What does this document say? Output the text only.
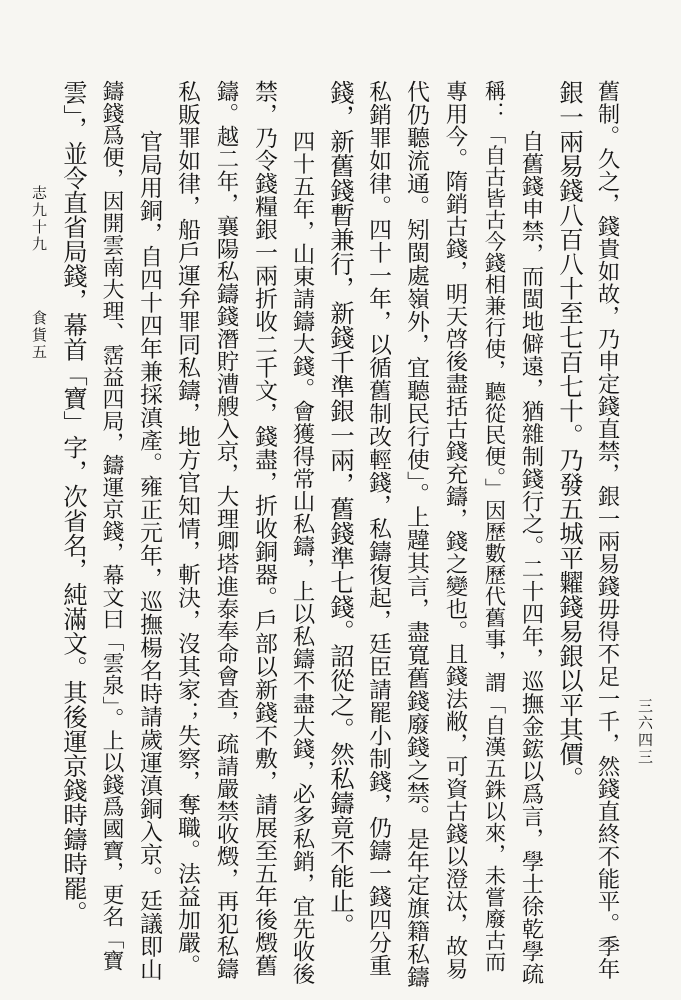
舊制。久之，錢貴如故，乃申定錢直禁，銀一兩易錢毋得不足一千，然錢直終不能平。季年
銀一兩易錢八百八十至七百七十。乃發五城平糶錢易銀以平其價。
自舊錢申禁，而閩地僻遠，猶雜制錢行之。二十四年，巡撫金鋐以爲言，學士徐乾學疏
稱：「自古皆古今錢相兼行使，聽從民便。」因歷數歷代舊事，謂「自漢五銖以來，未嘗廢古而
專用今。隋銷古錢，明天啓後盡括古錢充鑄，錢之變也。且錢法敝，可資古錢以澄汰，故易
代仍聽流通。矧閩處嶺外，宜聽民行使」。上韙其言，盡寬舊錢廢錢之禁。是年定旗籍私鑄
私銷罪如律。四十一年，以循舊制改輕錢，私鑄復起，廷臣請罷小制錢，仍鑄一錢四分重
錢，新舊錢暫兼行，新錢千準銀一兩，舊錢準七錢。詔從之。然私鑄竟不能止。
四十五年，山東請鑄大錢。會獲得常山私鑄，上以私鑄不盡大錢，必多私銷，宜先收後
禁，乃令錢糧銀一兩折收二千文，錢盡，折收銅器。戶部以新錢不敷，請展至五年後燬舊
鑄。越二年，襄陽私鑄錢潛貯漕艘入京，大理卿塔進泰奉命會查，疏請嚴禁收燬，再犯私鑄
私販罪如律，船戶運弁罪同私鑄，地方官知情，斬決，沒其家；失察，奪職。法益加嚴。
官局用銅，自四十四年兼採滇產。雍正元年，巡撫楊名時請歲運滇銅入京。廷議即山
鑄錢爲便，因開雲南大理、霑益四局，鑄運京錢，幕文曰「雲泉」。上以錢爲國寶，更名「寶
雲」，並令直省局錢，幕首「寶」字，次省名，純滿文。其後運京錢時鑄時罷。	三六四三
志九十九
食貨五
